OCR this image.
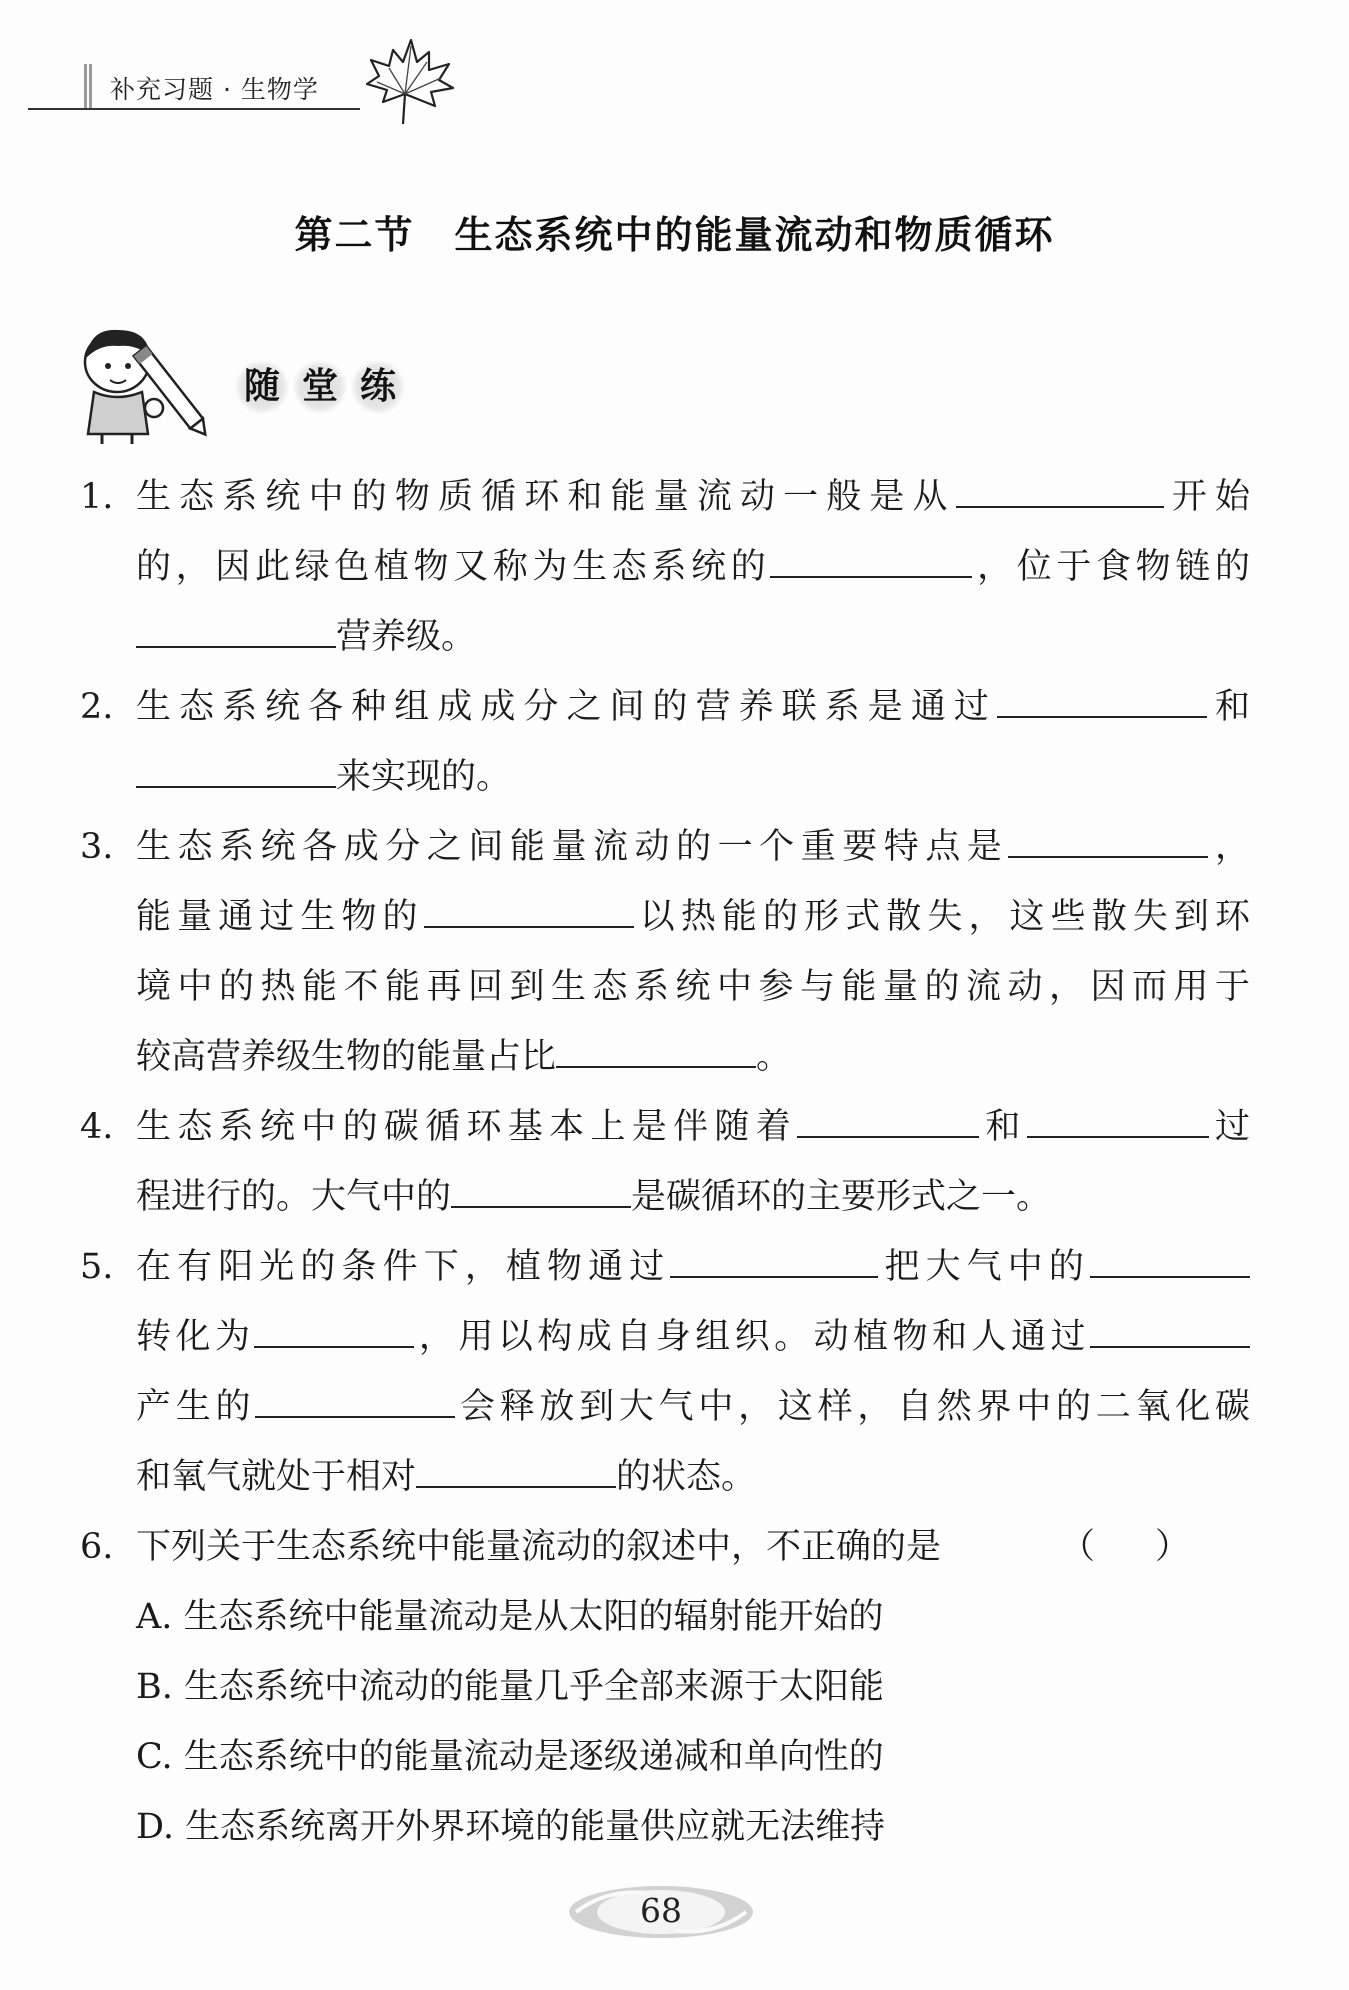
补充习题 · 生物学
第二节 生态系统中的能量流动和物质循环
随 堂 练
1. 生态系统中的物质循环和能量流动一般是从	开始
的，因此绿色植物又称为生态系统的	，位于食物链的
营养级。
2. 生态系统各种组成成分之间的营养联系是通过	和
来实现的。
3. 生态系统各成分之间能量流动的一个重要特点是	，
能量通过生物的	以热能的形式散失，这些散失到环
境中的热能不能再回到生态系统中参与能量的流动，因而用于
较高营养级生物的能量占比	。
4. 生态系统中的碳循环基本上是伴随着	和	过
程进行的。大气中的	是碳循环的主要形式之一。
5. 在有阳光的条件下，植物通过	把大气中的
转化为	，用以构成自身组织。动植物和人通过
产生的	会释放到大气中，这样，自然界中的二氧化碳
和氧气就处于相对	的状态。
6. 下列关于生态系统中能量流动的叙述中，不正确的是	（）
A. 生态系统中能量流动是从太阳的辐射能开始的
B. 生态系统中流动的能量几乎全部来源于太阳能
C. 生态系统中的能量流动是逐级递减和单向性的
D. 生态系统离开外界环境的能量供应就无法维持
68
